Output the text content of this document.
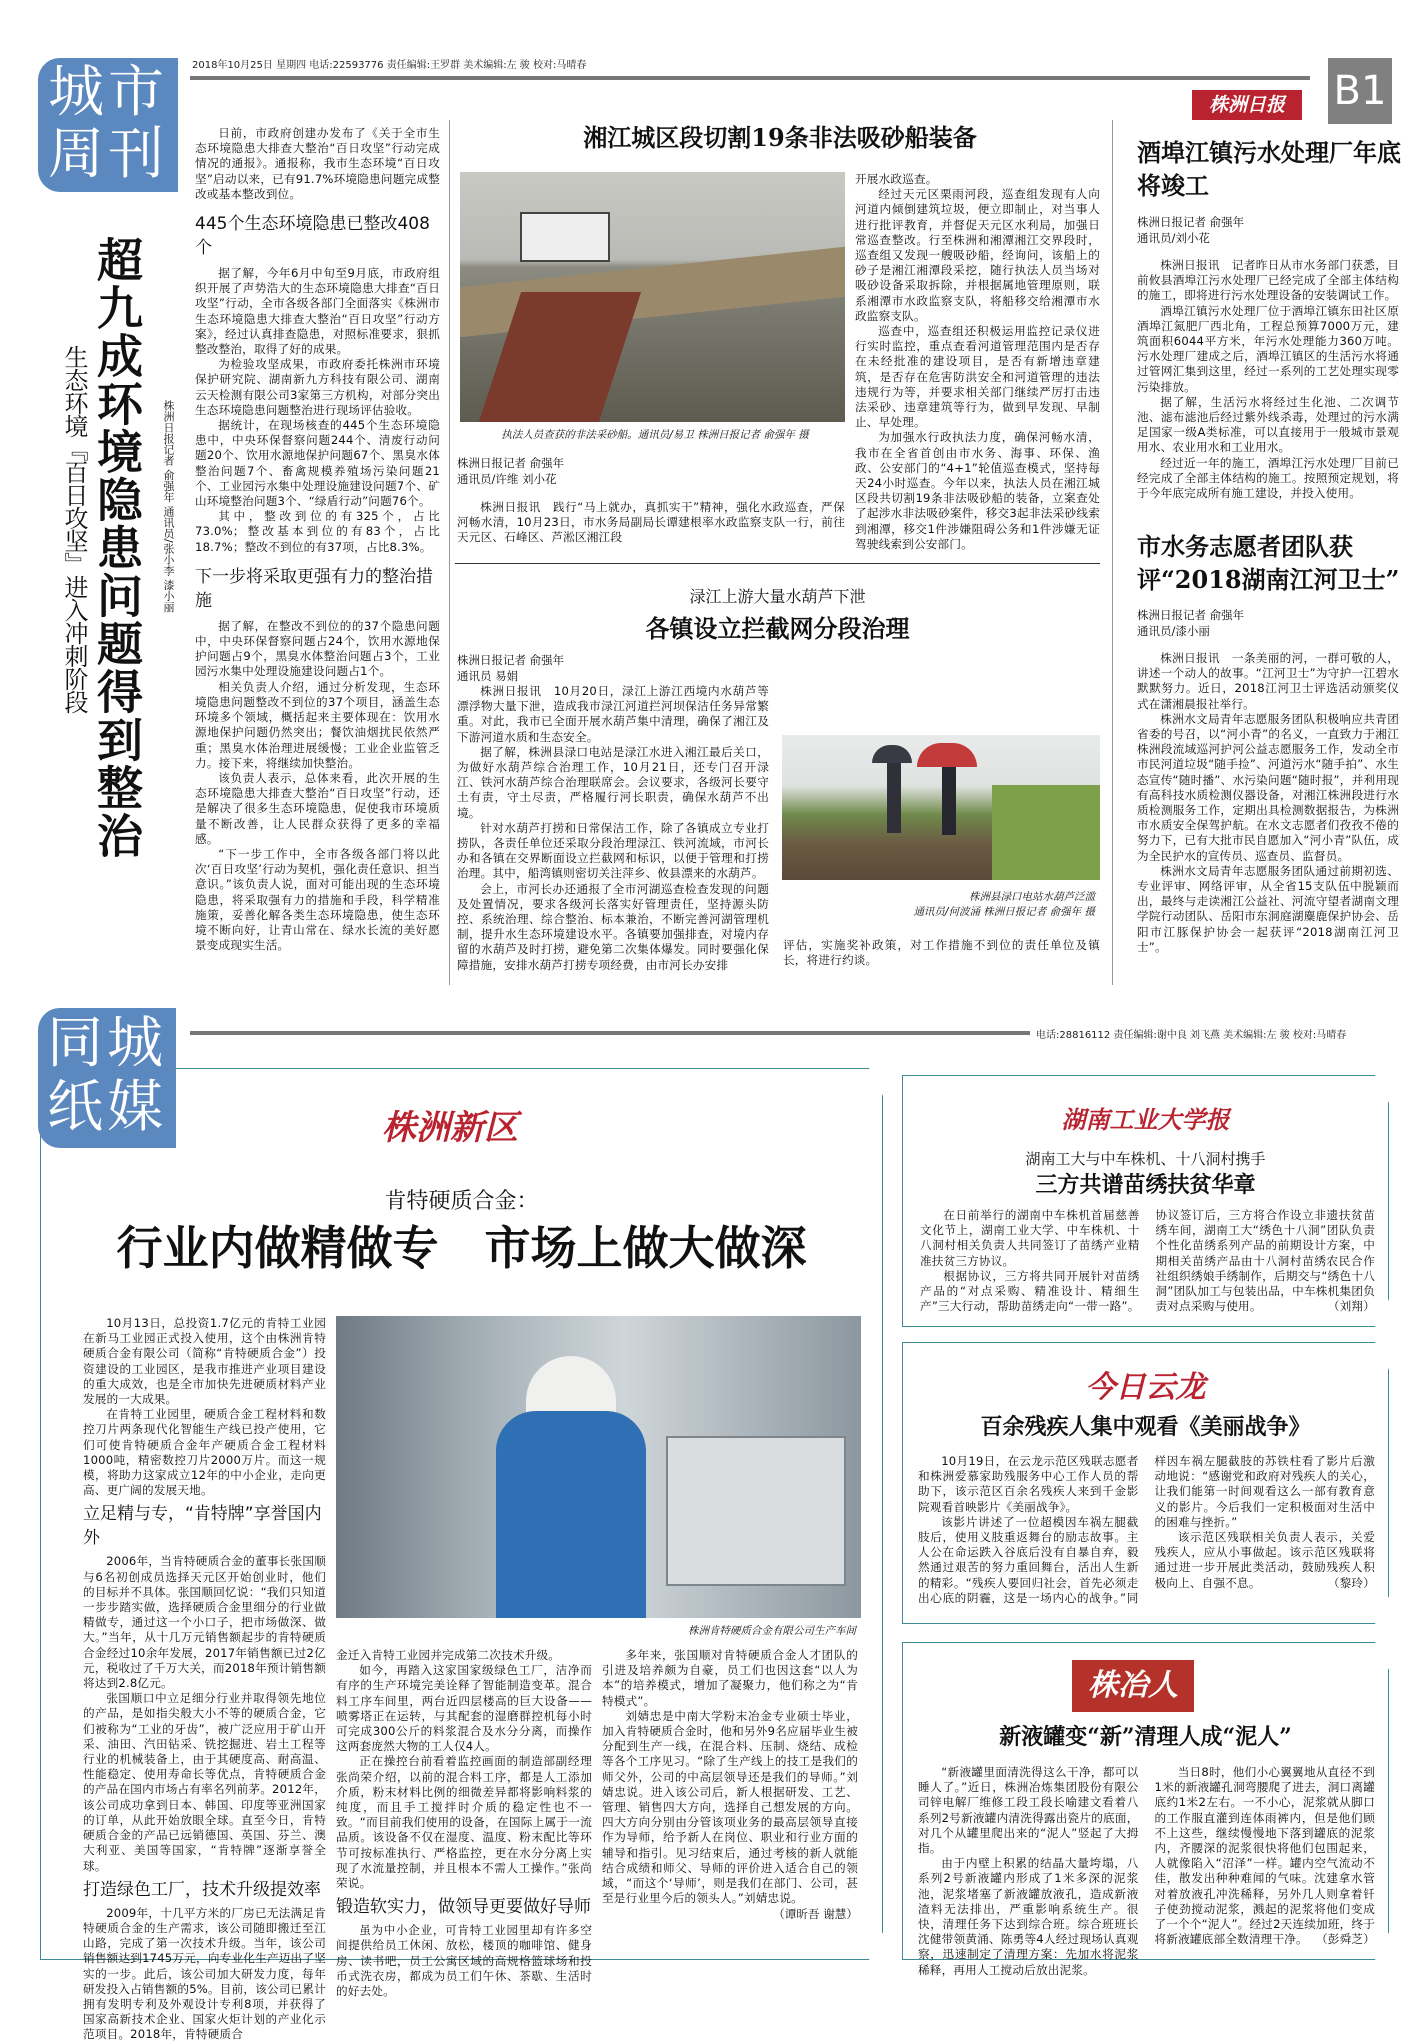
城市周刊
2018年10月25日 星期四 电话:22593776 责任编辑:王罗群 美术编辑:左 骏 校对:马晴春
株洲日报	B1
超九成环境隐患问题得到整治
生态环境『百日攻坚』进入冲刺阶段	株洲日报记者 俞强年 通讯员/张小李 漆小丽

日前，市政府创建办发布了《关于全市生态环境隐患大排查大整治“百日攻坚”行动完成情况的通报》。通报称，我市生态环境“百日攻坚”启动以来，已有91.7%环境隐患问题完成整改或基本整改到位。

445个生态环境隐患已整改408个

据了解，今年6月中旬至9月底，市政府组织开展了声势浩大的生态环境隐患大排查“百日攻坚”行动，全市各级各部门全面落实《株洲市生态环境隐患大排查大整治“百日攻坚”行动方案》，经过认真排查隐患，对照标准要求，狠抓整改整治，取得了好的成果。

为检验攻坚成果，市政府委托株洲市环境保护研究院、湖南新九方科技有限公司、湖南云天检测有限公司3家第三方机构，对部分突出生态环境隐患问题整治进行现场评估验收。

据统计，在现场核查的445个生态环境隐患中，中央环保督察问题244个、清废行动问题20个、饮用水源地保护问题67个、黑臭水体整治问题7个、畜禽规模养殖场污染问题21个、工业园污水集中处理设施建设问题7个、矿山环境整治问题3个、“绿盾行动”问题76个。

其中，整改到位的有325个，占比73.0%；整改基本到位的有83个，占比18.7%；整改不到位的有37项，占比8.3%。

下一步将采取更强有力的整治措施

据了解，在整改不到位的的37个隐患问题中，中央环保督察问题占24个，饮用水源地保护问题占9个，黑臭水体整治问题占3个，工业园污水集中处理设施建设问题占1个。

相关负责人介绍，通过分析发现，生态环境隐患问题整改不到位的37个项目，涵盖生态环境多个领域，概括起来主要体现在：饮用水源地保护问题仍然突出；餐饮油烟扰民依然严重；黑臭水体治理进展缓慢；工业企业监管乏力。接下来，将继续加快整治。

该负责人表示，总体来看，此次开展的生态环境隐患大排查大整治“百日攻坚”行动，还是解决了很多生态环境隐患，促使我市环境质量不断改善，让人民群众获得了更多的幸福感。

“下一步工作中，全市各级各部门将以此次‘百日攻坚’行动为契机，强化责任意识、担当意识。”该负责人说，面对可能出现的生态环境隐患，将采取强有力的措施和手段，科学精准施策，妥善化解各类生态环境隐患，使生态环境不断向好，让青山常在、绿水长流的美好愿景变成现实生活。

湘江城区段切割19条非法吸砂船装备
执法人员查获的非法采砂船。通讯员/易卫 株洲日报记者 俞强年 摄
株洲日报记者 俞强年
通讯员/许维 刘小花

株洲日报讯　践行“马上就办，真抓实干”精神，强化水政巡查，严保河畅水清，10月23日，市水务局副局长谭建根率水政监察支队一行，前往天元区、石峰区、芦淞区湘江段

开展水政巡查。

经过天元区栗雨河段，巡查组发现有人向河道内倾倒建筑垃圾，便立即制止，对当事人进行批评教育，并督促天元区水利局，加强日常巡查整改。行至株洲和湘潭湘江交界段时，巡查组又发现一艘吸砂船，经询问，该船上的砂子是湘江湘潭段采挖，随行执法人员当场对吸砂设备采取拆除，并根据属地管理原则，联系湘潭市水政监察支队，将船移交给湘潭市水政监察支队。

巡查中，巡查组还积极运用监控记录仪进行实时监控，重点查看河道管理范围内是否存在未经批准的建设项目，是否有新增违章建筑，是否存在危害防洪安全和河道管理的违法违规行为等，并要求相关部门继续严厉打击违法采砂、违章建筑等行为，做到早发现、早制止、早处理。

为加强水行政执法力度，确保河畅水清，我市在全省首创由市水务、海事、环保、渔政、公安部门的“4+1”轮值巡查模式，坚持每天24小时巡查。今年以来，执法人员在湘江城区段共切割19条非法吸砂船的装备，立案查处了起涉水非法吸砂案件，移交3起非法采砂线索到湘潭，移交1件涉嫌阻碍公务和1件涉嫌无证驾驶线索到公安部门。

渌江上游大量水葫芦下泄
各镇设立拦截网分段治理
株洲日报记者 俞强年
通讯员 易娟

株洲日报讯　10月20日，渌江上游江西境内水葫芦等漂浮物大量下泄，造成我市渌江河道拦河坝保洁任务异常繁重。对此，我市已全面开展水葫芦集中清理，确保了湘江及下游河道水质和生态安全。

据了解，株洲县渌口电站是渌江水进入湘江最后关口，为做好水葫芦综合治理工作，10月21日，还专门召开渌江、铁河水葫芦综合治理联席会。会议要求，各级河长要守土有责，守土尽责，严格履行河长职责，确保水葫芦不出境。

针对水葫芦打捞和日常保洁工作，除了各镇成立专业打捞队，各责任单位还采取分段治理渌江、铁河流域，市河长办和各镇在交界断面设立拦截网和标识，以便于管理和打捞治理。其中，船湾镇则密切关注萍乡、攸县漂来的水葫芦。

会上，市河长办还通报了全市河湖巡查检查发现的问题及处置情况，要求各级河长落实好管理责任，坚持源头防控、系统治理、综合整治、标本兼治，不断完善河湖管理机制，提升水生态环境建设水平。各镇要加强排查，对境内存留的水葫芦及时打捞，避免第二次集体爆发。同时要强化保障措施，安排水葫芦打捞专项经费，由市河长办安排

株洲县渌口电站水葫芦泛滥
通讯员/何波涌 株洲日报记者 俞强年 摄

评估，实施奖补政策，对工作措施不到位的责任单位及镇长，将进行约谈。

酒埠江镇污水处理厂年底将竣工
株洲日报记者 俞强年
通讯员/刘小花

株洲日报讯　记者昨日从市水务部门获悉，目前攸县酒埠江污水处理厂已经完成了全部主体结构的施工，即将进行污水处理设备的安装调试工作。

酒埠江镇污水处理厂位于酒埠江镇东田社区原酒埠江氮肥厂西北角，工程总预算7000万元，建筑面积6044平方米，年污水处理能力360万吨。污水处理厂建成之后，酒埠江镇区的生活污水将通过管网汇集到这里，经过一系列的工艺处理实现零污染排放。

据了解，生活污水将经过生化池、二次调节池、滤布滤池后经过紫外线杀毒，处理过的污水满足国家一级A类标准，可以直接用于一般城市景观用水、农业用水和工业用水。

经过近一年的施工，酒埠江污水处理厂目前已经完成了全部主体结构的施工。按照预定规划，将于今年底完成所有施工建设，并投入使用。

市水务志愿者团队获评“2018湖南江河卫士”
株洲日报记者 俞强年
通讯员/漆小丽

株洲日报讯　一条美丽的河，一群可敬的人，讲述一个动人的故事。“江河卫士”为守护一江碧水默默努力。近日，2018江河卫士评选活动颁奖仪式在潇湘晨报社举行。

株洲水文局青年志愿服务团队积极响应共青团省委的号召，以“河小青”的名义，一直致力于湘江株洲段流域巡河护河公益志愿服务工作，发动全市市民河道垃圾“随手捡”、河道污水“随手拍”、水生态宣传“随时播”、水污染问题“随时报”，并利用现有高科技水质检测仪器设备，对湘江株洲段进行水质检测服务工作，定期出具检测数据报告，为株洲市水质安全保驾护航。在水文志愿者们孜孜不倦的努力下，已有大批市民自愿加入“河小青”队伍，成为全民护水的宣传员、巡查员、监督员。

株洲水文局青年志愿服务团队通过前期初选、专业评审、网络评审，从全省15支队伍中脱颖而出，最终与走读湘江公益社、河流守望者湖南文理学院行动团队、岳阳市东洞庭湖麋鹿保护协会、岳阳市江豚保护协会一起获评“2018湖南江河卫士”。

同城纸媒
电话:28816112 责任编辑:谢中良 刘飞燕 美术编辑:左 骏 校对:马晴春
株洲新区
肯特硬质合金：
行业内做精做专　市场上做大做深

10月13日，总投资1.7亿元的肯特工业园在新马工业园正式投入使用，这个由株洲肯特硬质合金有限公司（简称“肯特硬质合金”）投资建设的工业园区，是我市推进产业项目建设的重大成效，也是全市加快先进硬质材料产业发展的一大成果。

在肯特工业园里，硬质合金工程材料和数控刀片两条现代化智能生产线已投产使用，它们可使肯特硬质合金年产硬质合金工程材料1000吨，精密数控刀片2000万片。而这一规模，将助力这家成立12年的中小企业，走向更高、更广阔的发展天地。

立足精与专，“肯特牌”享誉国内外

2006年，当肯特硬质合金的董事长张国顺与6名初创成员选择天元区开始创业时，他们的目标并不具体。张国顺回忆说：“我们只知道一步步踏实做，选择硬质合金里细分的行业做精做专，通过这一个小口子，把市场做深、做大。”当年，从十几万元销售额起步的肯特硬质合金经过10余年发展，2017年销售额已过2亿元，税收过了千万大关，而2018年预计销售额将达到2.8亿元。

张国顺口中立足细分行业并取得领先地位的产品，是如指尖般大小不等的硬质合金，它们被称为“工业的牙齿”，被广泛应用于矿山开采、油田、汽田钻采、铣挖掘进、岩土工程等行业的机械装备上，由于其硬度高、耐高温、性能稳定、使用寿命长等优点，肯特硬质合金的产品在国内市场占有率名列前茅。2012年，该公司成功拿到日本、韩国、印度等亚洲国家的订单，从此开始放眼全球。直至今日，肯特硬质合金的产品已远销德国、英国、芬兰、澳大利亚、美国等国家，“肯特牌”逐渐享誉全球。

打造绿色工厂，技术升级提效率

2009年，十几平方米的厂房已无法满足肯特硬质合金的生产需求，该公司随即搬迁至江山路，完成了第一次技术升级。当年，该公司销售额达到1745万元，向专业化生产迈出了坚实的一步。此后，该公司加大研发力度，每年研发投入占销售额的5%。目前，该公司已累计拥有发明专利及外观设计专利8项，并获得了国家高新技术企业、国家火炬计划的产业化示范项目。2018年，肯特硬质合

株洲肯特硬质合金有限公司生产车间

金迁入肯特工业园并完成第二次技术升级。

如今，再踏入这家国家级绿色工厂，洁净而有序的生产环境完美诠释了智能制造变革。混合料工序车间里，两台近四层楼高的巨大设备——喷雾塔正在运转，与其配套的湿磨群控机每小时可完成300公斤的料浆混合及水分分离，而操作这两套庞然大物的工人仅4人。

正在操控台前看着监控画面的制造部副经理张尚荣介绍，以前的混合料工序，都是人工添加介质，粉末材料比例的细微差异都将影响料浆的纯度，而且手工搅拌时介质的稳定性也不一致。“而目前我们使用的设备，在国际上属于一流品质。该设备不仅在湿度、温度、粉末配比等环节可按标准执行、严格监控，更在水分分离上实现了水流量控制，并且根本不需人工操作。”张尚荣说。

锻造软实力，做领导更要做好导师

虽为中小企业，可肯特工业园里却有许多空间提供给员工休闲、放松，楼顶的咖啡馆、健身房、读书吧，员工公寓区域的高规格篮球场和投币式洗衣房，都成为员工们午休、茶歇、生活时的好去处。

多年来，张国顺对肯特硬质合金人才团队的引进及培养颇为自豪，员工们也因这套“以人为本”的培养模式，增加了凝聚力，他们称之为“肯特模式”。

刘婧忠是中南大学粉末冶金专业硕士毕业，加入肯特硬质合金时，他和另外9名应届毕业生被分配到生产一线，在混合料、压制、烧结、成检等各个工序见习。“除了生产线上的技工是我们的师父外，公司的中高层领导还是我们的导师。”刘婧忠说。进入该公司后，新人根据研发、工艺、管理、销售四大方向，选择自己想发展的方向。四大方向分别由分管该项业务的最高层领导直接作为导师，给予新人在岗位、职业和行业方面的辅导和指引。见习结束后，通过考核的新人就能结合成绩和师父、导师的评价进入适合自己的领域，“而这个‘导师’，则是我们在部门、公司，甚至是行业里今后的领头人。”刘婧忠说。

（谭昕吾 谢慧）
湖南工业大学报
湖南工大与中车株机、十八洞村携手
三方共谱苗绣扶贫华章

在日前举行的湖南中车株机首届慈善文化节上，湖南工业大学、中车株机、十八洞村相关负责人共同签订了苗绣产业精准扶贫三方协议。

根据协议，三方将共同开展针对苗绣产品的“对点采购、精准设计、精细生产”三大行动，帮助苗绣走向“一带一路”。协议签订后，三方将合作设立非遗扶贫苗绣车间，湖南工大“绣色十八洞”团队负责个性化苗绣系列产品的前期设计方案，中期相关苗绣产品由十八洞村苗绣农民合作社组织绣娘手绣制作，后期交与“绣色十八洞”团队加工与包装出品，中车株机集团负责对点采购与使用。	（刘翔）

今日云龙
百余残疾人集中观看《美丽战争》

10月19日，在云龙示范区残联志愿者和株洲爱慕家助残服务中心工作人员的帮助下，该示范区百余名残疾人来到千金影院观看首映影片《美丽战争》。

该影片讲述了一位超模因车祸左腿截肢后，使用义肢重返舞台的励志故事。主人公在命运跌入谷底后没有自暴自弃，毅然通过艰苦的努力重回舞台，活出人生新的精彩。“残疾人要回归社会，首先必须走出心底的阴霾，这是一场内心的战争。”同样因车祸左腿截肢的苏铁柱看了影片后激动地说：“感谢党和政府对残疾人的关心，让我们能第一时间观看这么一部有教育意义的影片。今后我们一定积极面对生活中的困难与挫折。”

该示范区残联相关负责人表示，关爱残疾人，应从小事做起。该示范区残联将通过进一步开展此类活动，鼓励残疾人积极向上、自强不息。	（黎玲）

株冶人
新液罐变“新”清理人成“泥人”

“新液罐里面清洗得这么干净，都可以睡人了。”近日，株洲冶炼集团股份有限公司锌电解厂维修工段工段长喻建文看着八系列2号新液罐内清洗得露出瓷片的底面，对几个从罐里爬出来的“泥人”竖起了大拇指。

由于内壁上积累的结晶大量垮塌，八系列2号新液罐内形成了1米多深的泥浆池，泥浆堵塞了新液罐放液孔，造成新液渣料无法排出，严重影响系统生产。很快，清理任务下达到综合班。综合班班长沈健带领黄涌、陈勇等4人经过现场认真观察，迅速制定了清理方案：先加水将泥浆稀释，再用人工搅动后放出泥浆。

当日8时，他们小心翼翼地从直径不到1米的新液罐孔洞弯腰爬了进去，洞口离罐底约1米2左右。一不小心，泥浆就从脚口的工作服直灌到连体雨裤内，但是他们顾不上这些，继续慢慢地下落到罐底的泥浆内，齐腰深的泥浆很快将他们包围起来，人就像陷入“沼泽”一样。罐内空气流动不佳，散发出种种难闻的气味。沈建拿水管对着放液孔冲洗稀释，另外几人则拿着钎子使劲搅动泥浆，溅起的泥浆将他们变成了一个个“泥人”。经过2天连续加班，终于将新液罐底部全数清理干净。 （彭舜芝）
